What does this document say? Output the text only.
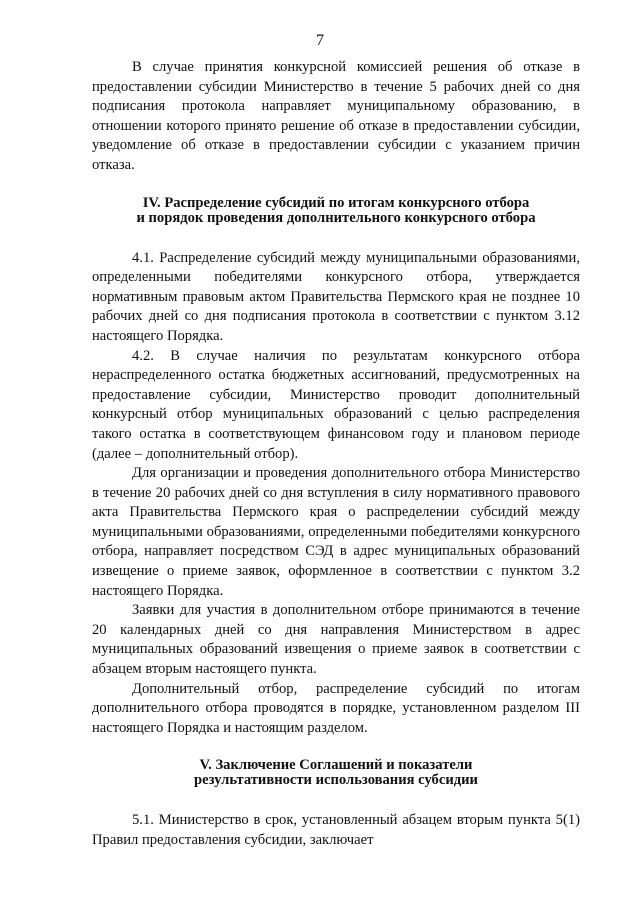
7

В случае принятия конкурсной комиссией решения об отказе в предоставлении субсидии Министерство в течение 5 рабочих дней со дня подписания протокола направляет муниципальному образованию, в отношении которого принято решение об отказе в предоставлении субсидии, уведомление об отказе в предоставлении субсидии с указанием причин отказа.

IV. Распределение субсидий по итогам конкурсного отбора
и порядок проведения дополнительного конкурсного отбора

4.1. Распределение субсидий между муниципальными образованиями, определенными победителями конкурсного отбора, утверждается нормативным правовым актом Правительства Пермского края не позднее 10 рабочих дней со дня подписания протокола в соответствии с пунктом 3.12 настоящего Порядка.

4.2. В случае наличия по результатам конкурсного отбора нераспределенного остатка бюджетных ассигнований, предусмотренных на предоставление субсидии, Министерство проводит дополнительный конкурсный отбор муниципальных образований с целью распределения такого остатка в соответствующем финансовом году и плановом периоде (далее – дополнительный отбор).

Для организации и проведения дополнительного отбора Министерство в течение 20 рабочих дней со дня вступления в силу нормативного правового акта Правительства Пермского края о распределении субсидий между муниципальными образованиями, определенными победителями конкурсного отбора, направляет посредством СЭД в адрес муниципальных образований извещение о приеме заявок, оформленное в соответствии с пунктом 3.2 настоящего Порядка.

Заявки для участия в дополнительном отборе принимаются в течение 20 календарных дней со дня направления Министерством в адрес муниципальных образований извещения о приеме заявок в соответствии с абзацем вторым настоящего пункта.

Дополнительный отбор, распределение субсидий по итогам дополнительного отбора проводятся в порядке, установленном разделом III настоящего Порядка и настоящим разделом.

V. Заключение Соглашений и показатели
результативности использования субсидии

5.1. Министерство в срок, установленный абзацем вторым пункта 5(1) Правил предоставления субсидии, заключает
